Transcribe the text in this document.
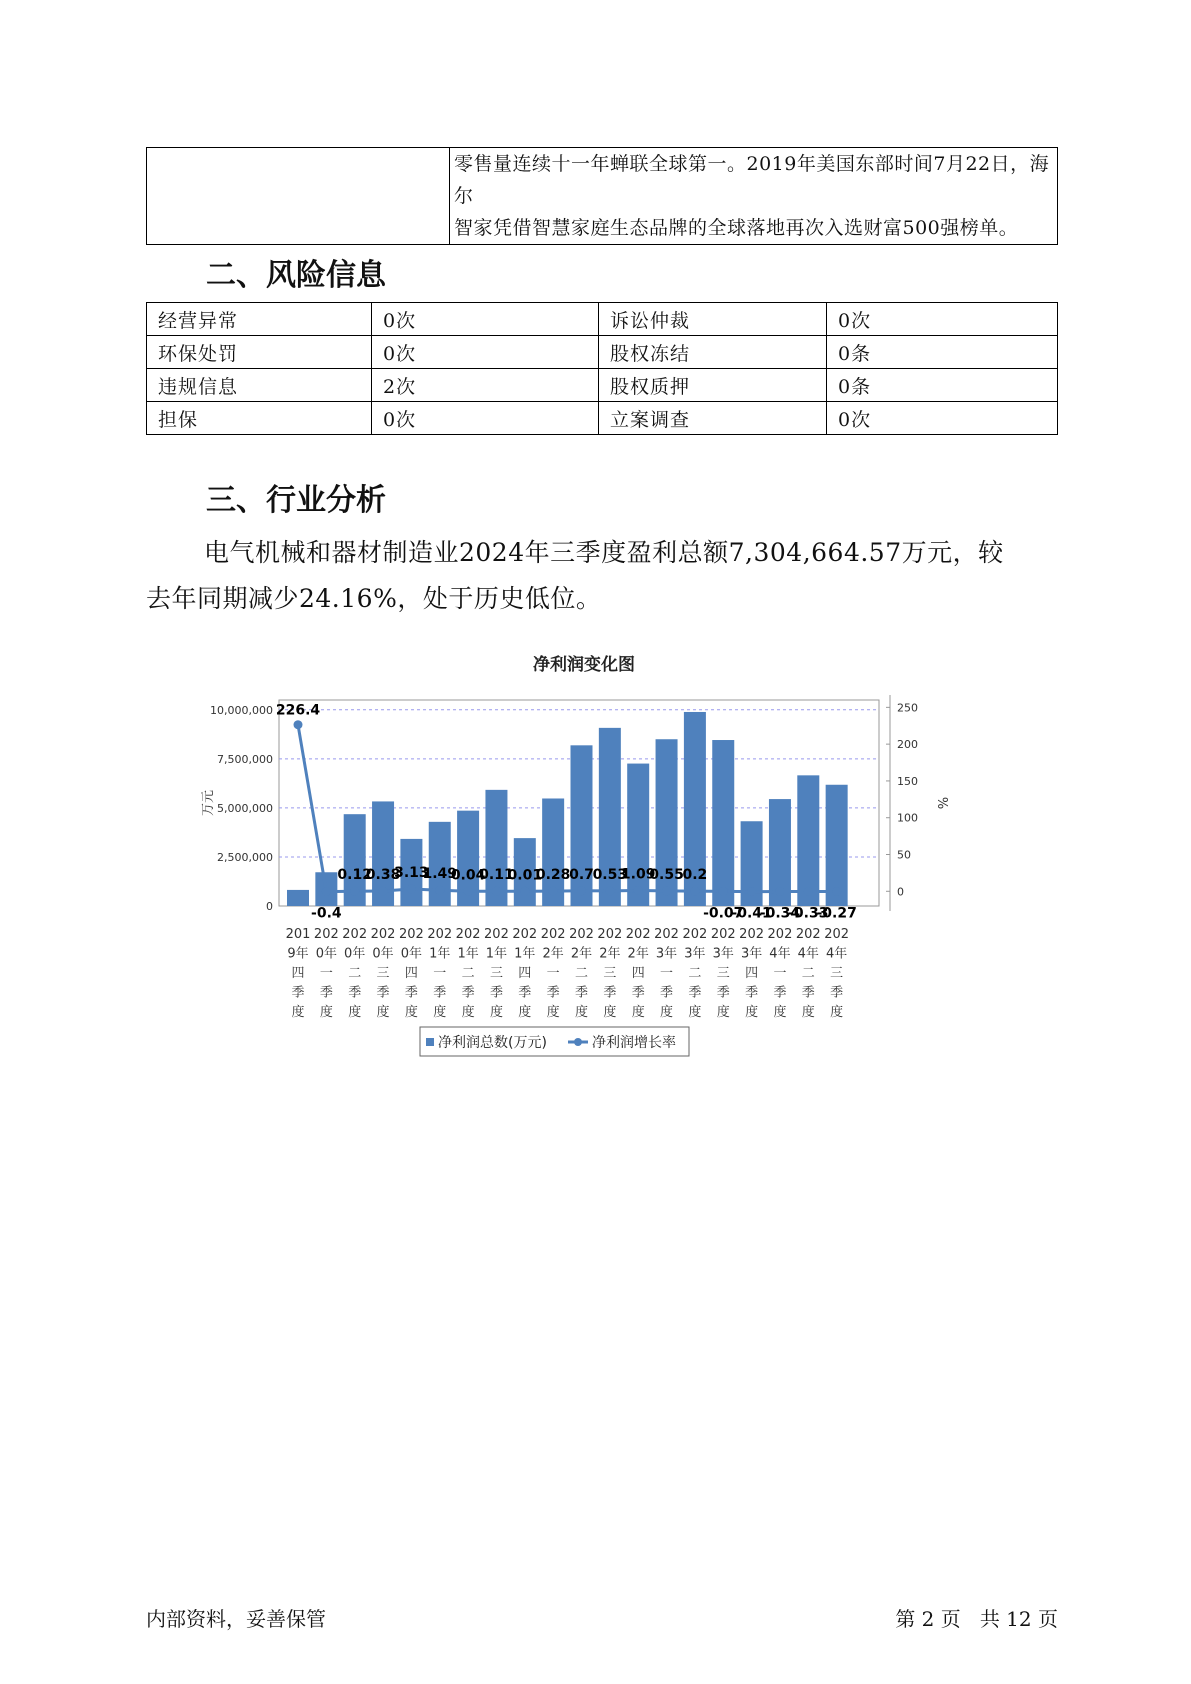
零售量连续十一年蝉联全球第一。2019年美国东部时间7月22日，海尔
智家凭借智慧家庭生态品牌的全球落地再次入选财富500强榜单。
二、风险信息
经营异常	0次	诉讼仲裁	0次
环保处罚	0次	股权冻结	0条
违规信息	2次	股权质押	0条
担保	0次	立案调查	0次
三、行业分析
电气机械和器材制造业2024年三季度盈利总额7,304,664.57万元，较
去年同期减少24.16%，处于历史低位。
净利润变化图
0
2,500,000
5,000,000
7,500,000
10,000,000
万元
0
50
100
150
200
250
%
226.4
-0.4
0.12
0.38
3.13
1.49
0.04
0.11
0.01
0.28
0.7
0.53
1.09
0.55
0.2
-0.07
-0.41
-0.34
-0.33
-0.27
201 9年四季度
202 0年一季度
202 0年二季度
202 0年三季度
202 0年四季度
202 1年一季度
202 1年二季度
202 1年三季度
202 1年四季度
202 2年一季度
202 2年二季度
202 2年三季度
202 2年四季度
202 3年一季度
202 3年二季度
202 3年三季度
202 3年四季度
202 4年一季度
202 4年二季度
202 4年三季度
净利润总数(万元)	净利润增长率
内部资料，妥善保管	第 2 页   共 12 页
